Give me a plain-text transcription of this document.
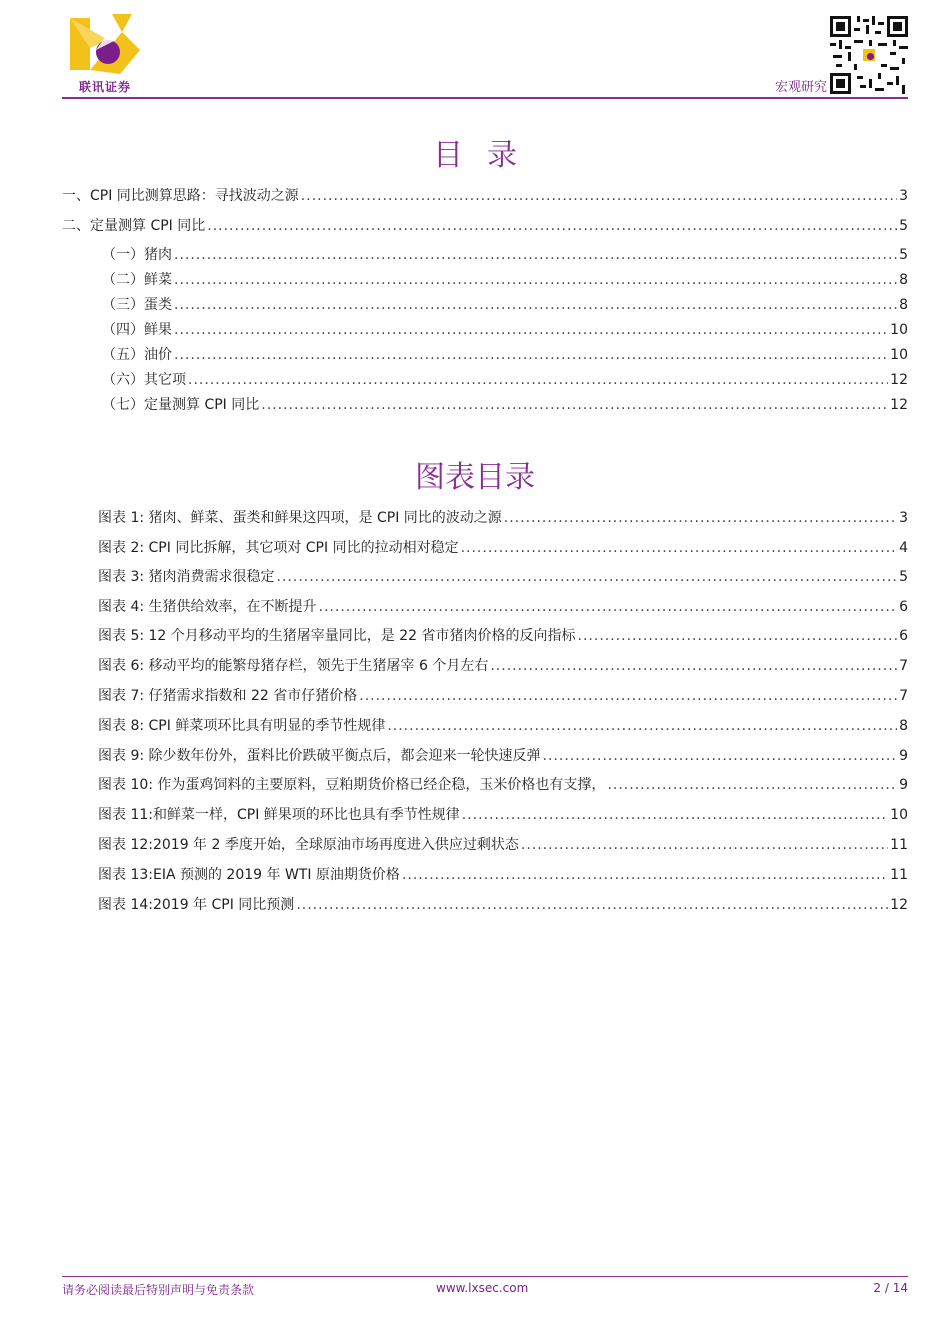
联讯证券	宏观研究
目录
一、CPI 同比测算思路：寻找波动之源 .....	3
二、定量测算 CPI 同比 .....	5
（一）猪肉 .....	5
（二）鲜菜 .....	8
（三）蛋类 .....	8
（四）鲜果 .....	10
（五）油价 .....	10
（六）其它项 .....	12
（七）定量测算 CPI 同比 .....	12
图表目录
图表 1: 猪肉、鲜菜、蛋类和鲜果这四项，是 CPI 同比的波动之源 .....	3
图表 2: CPI 同比拆解，其它项对 CPI 同比的拉动相对稳定 .....	4
图表 3: 猪肉消费需求很稳定 .....	5
图表 4: 生猪供给效率，在不断提升 .....	6
图表 5: 12 个月移动平均的生猪屠宰量同比，是 22 省市猪肉价格的反向指标 .....	6
图表 6: 移动平均的能繁母猪存栏，领先于生猪屠宰 6 个月左右 .....	7
图表 7: 仔猪需求指数和 22 省市仔猪价格 .....	7
图表 8: CPI 鲜菜项环比具有明显的季节性规律 .....	8
图表 9: 除少数年份外，蛋料比价跌破平衡点后，都会迎来一轮快速反弹 .....	9
图表 10: 作为蛋鸡饲料的主要原料，豆粕期货价格已经企稳，玉米价格也有支撑， .....	9
图表 11:和鲜菜一样，CPI 鲜果项的环比也具有季节性规律 .....	10
图表 12:2019 年 2 季度开始，全球原油市场再度进入供应过剩状态 .....	11
图表 13:EIA 预测的 2019 年 WTI 原油期货价格 .....	11
图表 14:2019 年 CPI 同比预测 .....	12
请务必阅读最后特别声明与免责条款	www.lxsec.com	2 / 14
